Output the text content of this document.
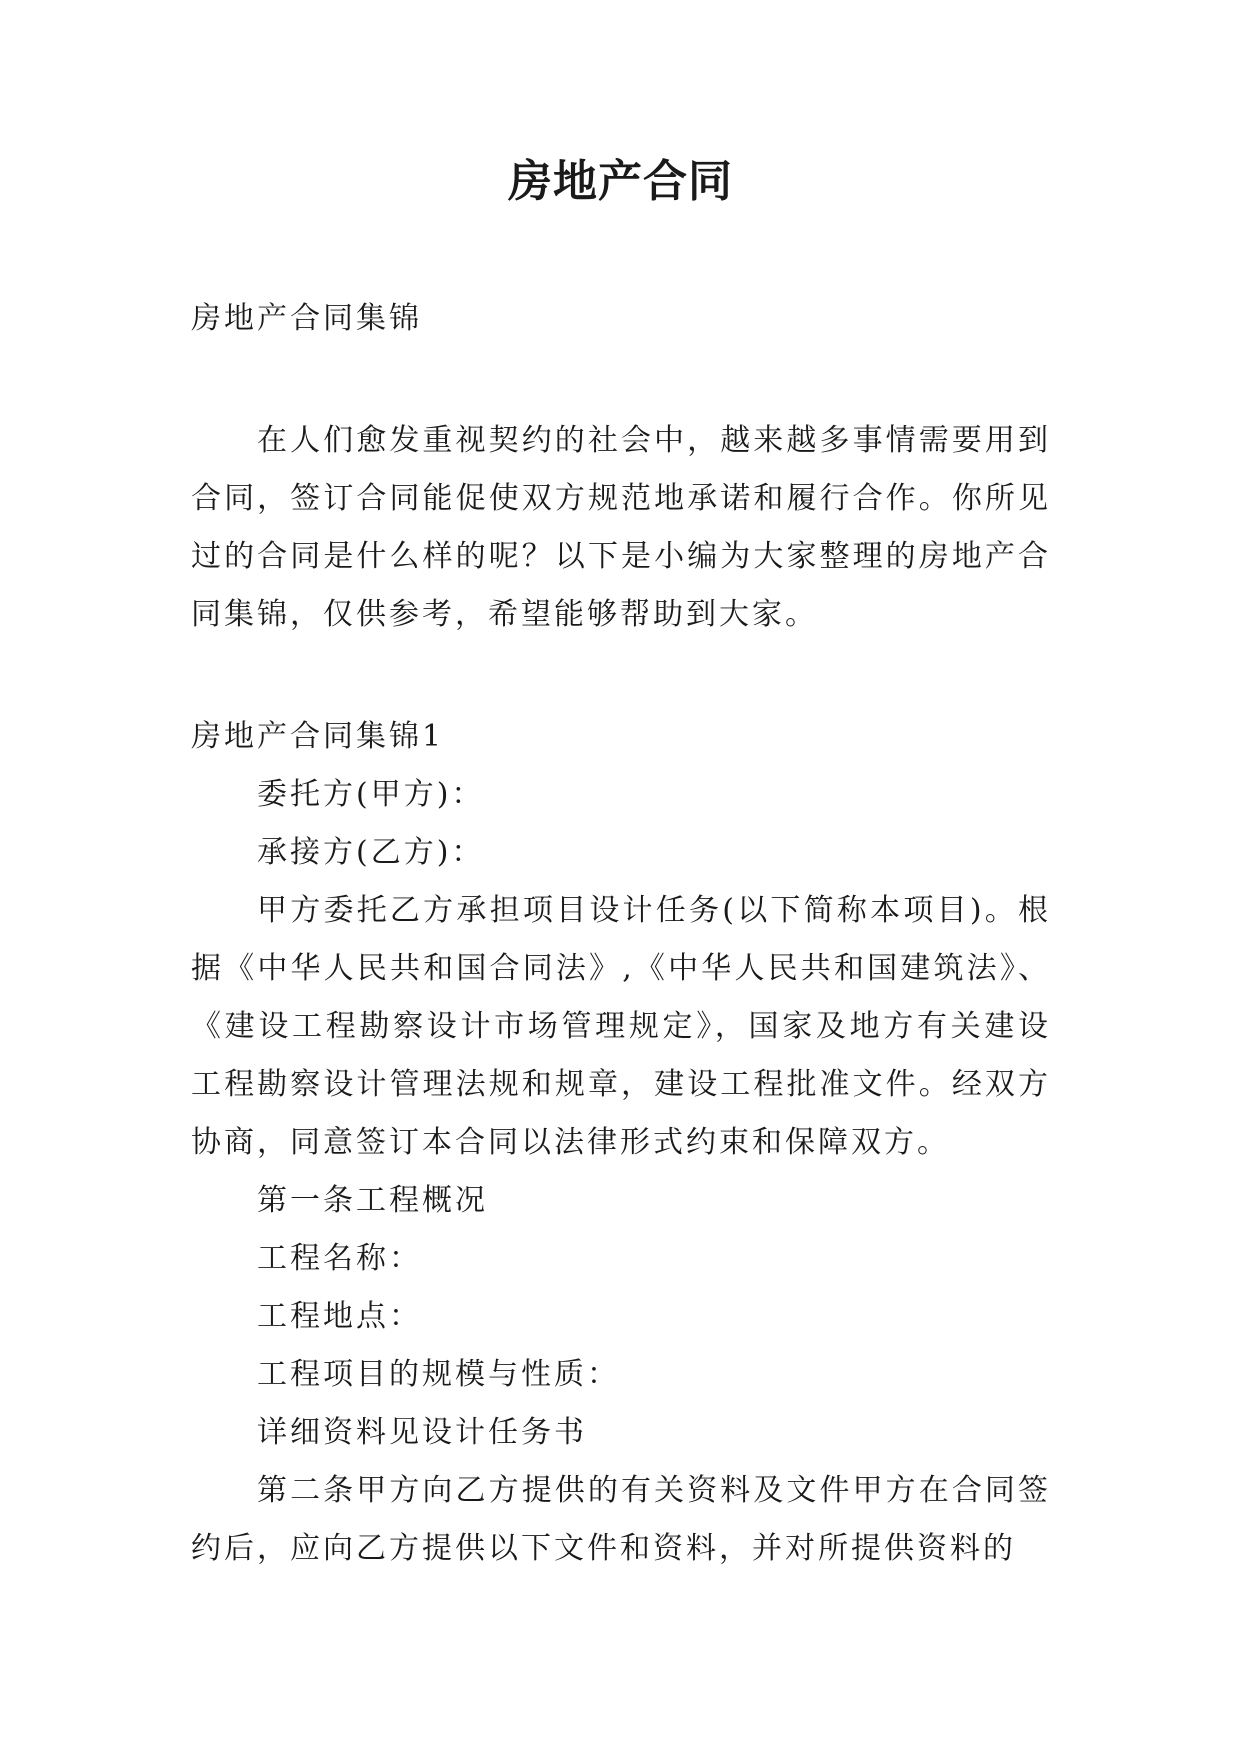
房地产合同

房地产合同集锦

在人们愈发重视契约的社会中，越来越多事情需要用到合同，签订合同能促使双方规范地承诺和履行合作。你所见过的合同是什么样的呢？以下是小编为大家整理的房地产合同集锦，仅供参考，希望能够帮助到大家。

房地产合同集锦1

委托方(甲方)：

承接方(乙方)：

甲方委托乙方承担项目设计任务(以下简称本项目)。根据《中华人民共和国合同法》,《中华人民共和国建筑法》、《建设工程勘察设计市场管理规定》，国家及地方有关建设工程勘察设计管理法规和规章，建设工程批准文件。经双方协商，同意签订本合同以法律形式约束和保障双方。

第一条工程概况

工程名称：

工程地点：

工程项目的规模与性质：

详细资料见设计任务书

第二条甲方向乙方提供的有关资料及文件甲方在合同签约后，应向乙方提供以下文件和资料，并对所提供资料的
